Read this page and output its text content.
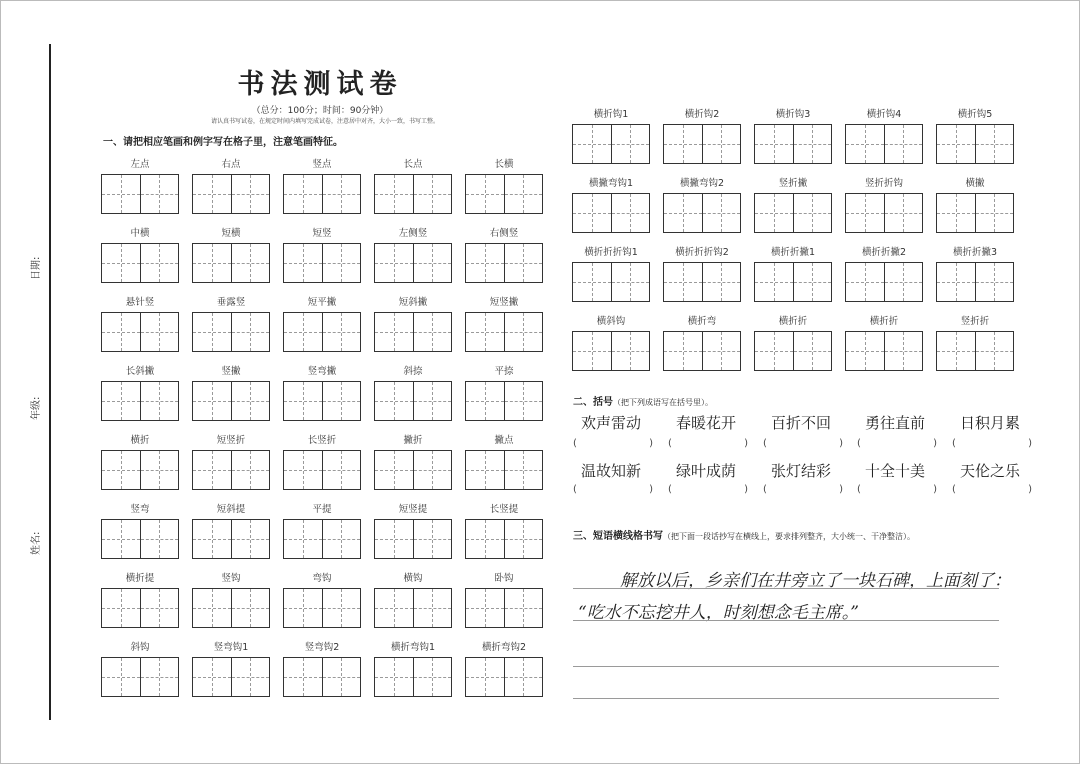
日期:
年级:
姓名:
书法测试卷
（总分：100分；时间：90分钟）
请认真书写试卷，在规定时间内填写完成试卷，注意居中对齐，大小一致，书写工整。
一、请把相应笔画和例字写在格子里，注意笔画特征。
左点	右点	竖点	长点	长横
中横	短横	短竖	左侧竖	右侧竖
悬针竖	垂露竖	短平撇	短斜撇	短竖撇
长斜撇	竖撇	竖弯撇	斜捺	平捺
横折	短竖折	长竖折	撇折	撇点
竖弯	短斜提	平提	短竖提	长竖提
横折提	竖钩	弯钩	横钩	卧钩
斜钩	竖弯钩1	竖弯钩2	横折弯钩1	横折弯钩2
横折钩1	横折钩2	横折钩3	横折钩4	横折钩5
横撇弯钩1	横撇弯钩2	竖折撇	竖折折钩	横撇
横折折折钩1	横折折折钩2	横折折撇1	横折折撇2	横折折撇3
横斜钩	横折弯	横折折	横折折	竖折折
二、括号（把下列成语写在括号里）。
欢声雷动
(	)
春暖花开
(	)
百折不回
(	)
勇往直前
(	)
日积月累
(	)
温故知新
(	)
绿叶成荫
(	)
张灯结彩
(	)
十全十美
(	)
天伦之乐
(	)
三、短语横线格书写（把下面一段话抄写在横线上，要求排列整齐，大小统一、干净整洁）。
解放以后，乡亲们在井旁立了一块石碑，上面刻了：
“吃水不忘挖井人，时刻想念毛主席。”
